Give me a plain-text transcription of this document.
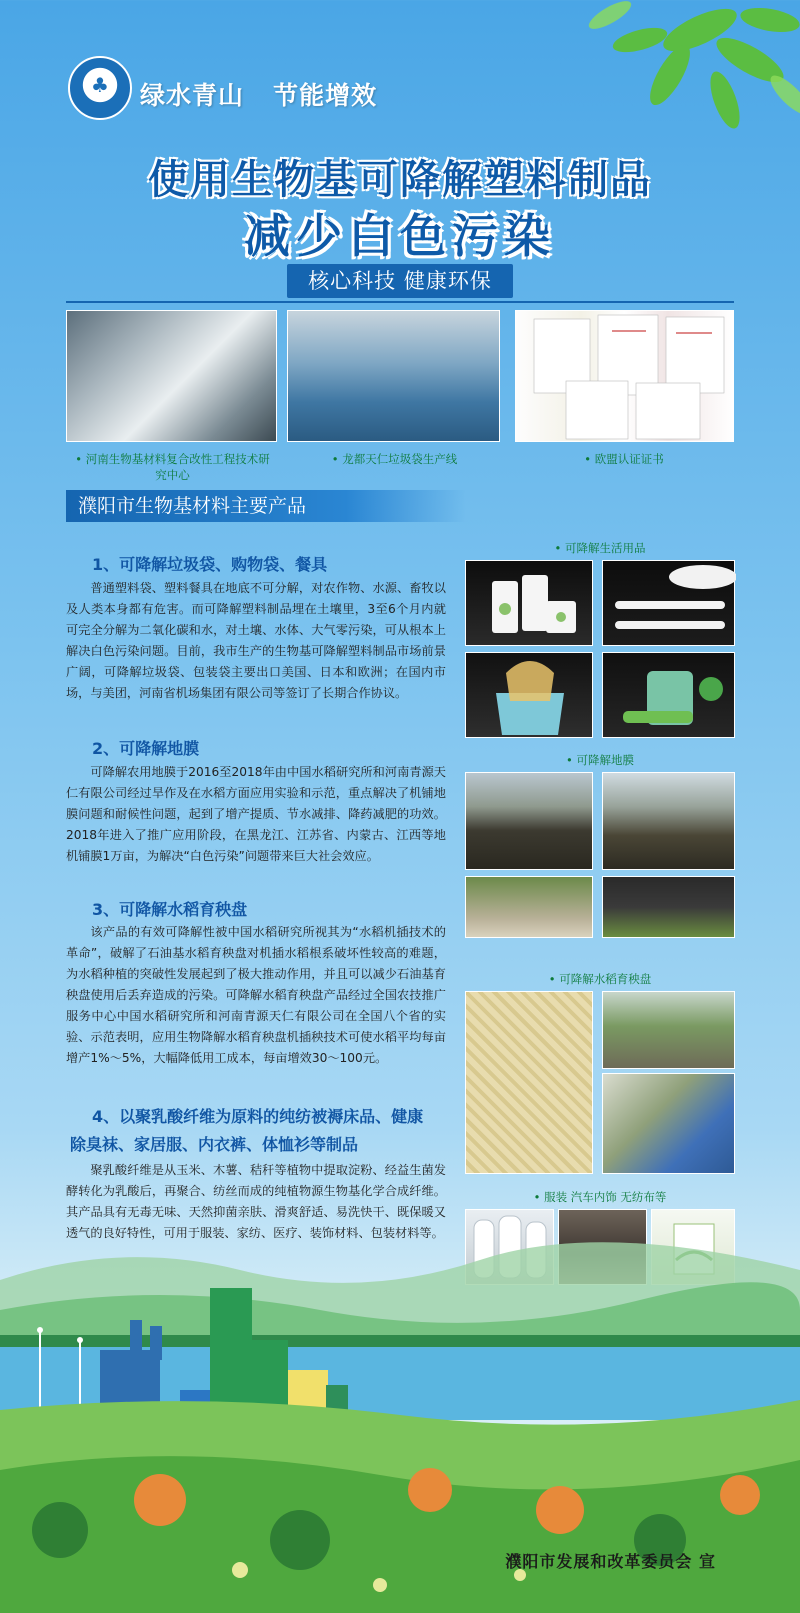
♣ 绿水青山 节能增效
使用生物基可降解塑料制品
减少白色污染
核心科技 健康环保
• 河南生物基材料复合改性工程技术研究中心
• 龙都天仁垃圾袋生产线	• 欧盟认证证书
濮阳市生物基材料主要产品
1、可降解垃圾袋、购物袋、餐具
普通塑料袋、塑料餐具在地底不可分解，对农作物、水源、畜牧以及人类本身都有危害。而可降解塑料制品埋在土壤里，3至6个月内就可完全分解为二氧化碳和水，对土壤、水体、大气零污染，可从根本上解决白色污染问题。目前，我市生产的生物基可降解塑料制品市场前景广阔，可降解垃圾袋、包装袋主要出口美国、日本和欧洲；在国内市场，与美团，河南省机场集团有限公司等签订了长期合作协议。
2、可降解地膜
可降解农用地膜于2016至2018年由中国水稻研究所和河南青源天仁有限公司经过旱作及在水稻方面应用实验和示范，重点解决了机铺地膜问题和耐候性问题，起到了增产提质、节水减排、降药减肥的功效。2018年进入了推广应用阶段，在黑龙江、江苏省、内蒙古、江西等地机铺膜1万亩，为解决“白色污染”问题带来巨大社会效应。
3、可降解水稻育秧盘
该产品的有效可降解性被中国水稻研究所视其为“水稻机插技术的革命”，破解了石油基水稻育秧盘对机插水稻根系破坏性较高的难题，为水稻种植的突破性发展起到了极大推动作用，并且可以减少石油基育秧盘使用后丢弃造成的污染。可降解水稻育秧盘产品经过全国农技推广服务中心中国水稻研究所和河南青源天仁有限公司在全国八个省的实验、示范表明，应用生物降解水稻育秧盘机插秧技术可使水稻平均每亩增产1%～5%，大幅降低用工成本，每亩增效30～100元。
4、以聚乳酸纤维为原料的纯纺被褥床品、健康
除臭袜、家居服、内衣裤、体恤衫等制品
聚乳酸纤维是从玉米、木薯、秸秆等植物中提取淀粉、经益生菌发酵转化为乳酸后，再聚合、纺丝而成的纯植物源生物基化学合成纤维。其产品具有无毒无味、天然抑菌亲肤、滑爽舒适、易洗快干、既保暖又透气的良好特性，可用于服装、家纺、医疗、装饰材料、包装材料等。
• 可降解生活用品
• 可降解地膜
• 可降解水稻育秧盘
• 服装 汽车内饰 无纺布等
濮阳市发展和改革委员会 宣
